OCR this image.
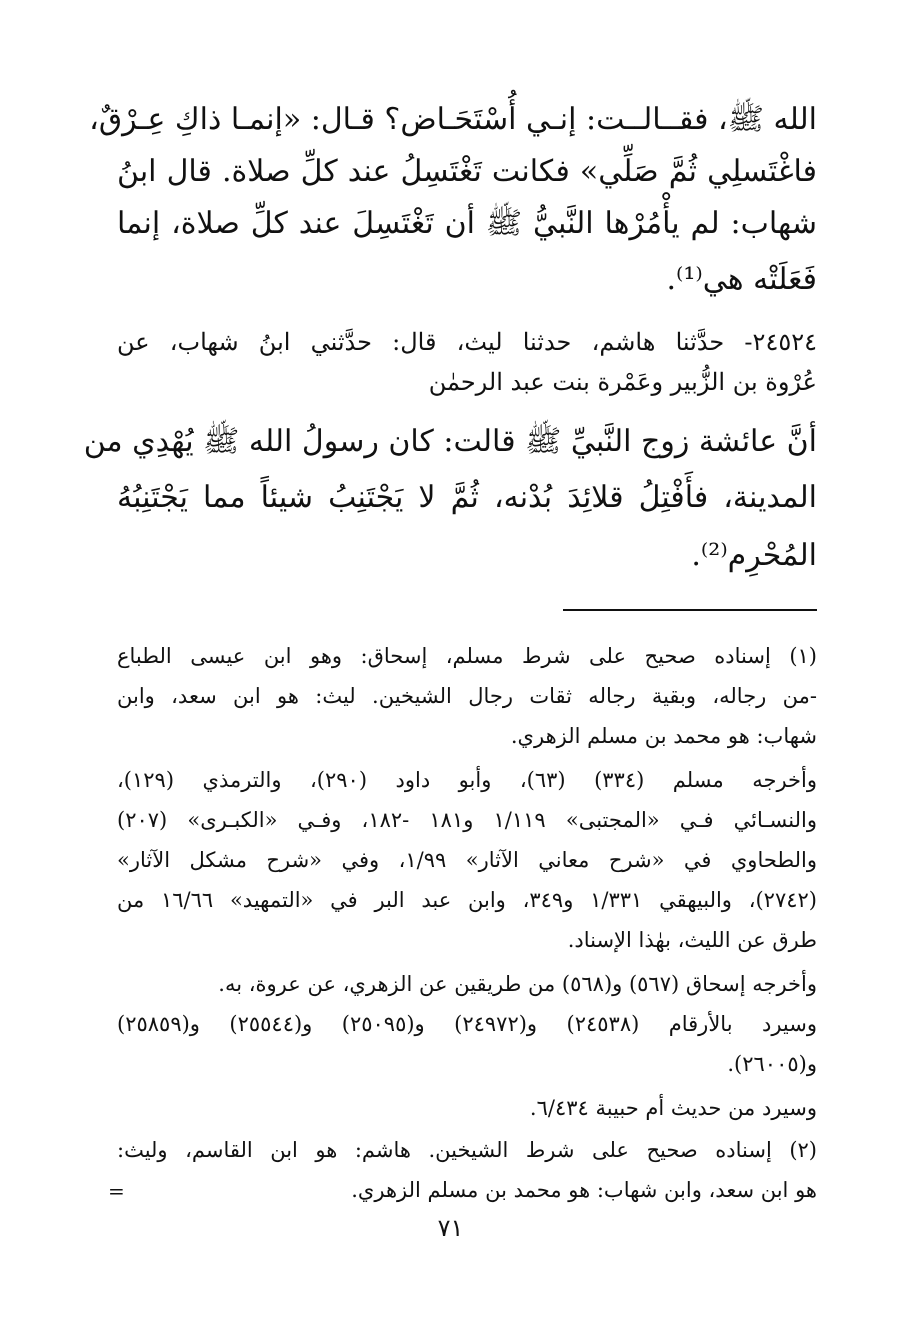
الله ﷺ، فقــالــت: إنـي أُسْتَحَـاض؟ قـال: «إنمـا ذاكِ عِـرْقٌ،
فاغْتَسلِي ثُمَّ صَلِّي» فكانت تَغْتَسِلُ عند كلِّ صلاة. قال ابنُ
شهاب: لم يأْمُرْها النَّبيُّ ﷺ أن تَغْتَسِلَ عند كلِّ صلاة، إنما
فَعَلَتْه هي⁽¹⁾.
٢٤٥٢٤- حدَّثنا هاشم، حدثنا ليث، قال: حدَّثني ابنُ شهاب، عن
عُرْوة بن الزُّبير وعَمْرة بنت عبد الرحمٰن
أنَّ عائشة زوج النَّبيِّ ﷺ قالت: كان رسولُ الله ﷺ يُهْدِي من
المدينة، فأَفْتِلُ قلائِدَ بُدْنه، ثُمَّ لا يَجْتَنِبُ شيئاً مما يَجْتَنِبُهُ
المُحْرِم⁽²⁾.
(١) إسناده صحيح على شرط مسلم، إسحاق: وهو ابن عيسى الطباع
-من رجاله، وبقية رجاله ثقات رجال الشيخين. ليث: هو ابن سعد، وابن
شهاب: هو محمد بن مسلم الزهري.
وأخرجه مسلم (٣٣٤) (٦٣)، وأبو داود (٢٩٠)، والترمذي (١٢٩)،
والنسـائي فـي «المجتبى» ١/١١٩ و١٨١ -١٨٢، وفـي «الكبـرى» (٢٠٧)
والطحاوي في «شرح معاني الآثار» ١/٩٩، وفي «شرح مشكل الآثار»
(٢٧٤٢)، والبيهقي ١/٣٣١ و٣٤٩، وابن عبد البر في «التمهيد» ١٦/٦٦ من
طرق عن الليث، بهٰذا الإسناد.
وأخرجه إسحاق (٥٦٧) و(٥٦٨) من طريقين عن الزهري، عن عروة، به.
وسيرد بالأرقام (٢٤٥٣٨) و(٢٤٩٧٢) و(٢٥٠٩٥) و(٢٥٥٤٤) و(٢٥٨٥٩)
و(٢٦٠٠٥).
وسيرد من حديث أم حبيبة ٦/٤٣٤.
(٢) إسناده صحيح على شرط الشيخين. هاشم: هو ابن القاسم، وليث:
هو ابن سعد، وابن شهاب: هو محمد بن مسلم الزهري.
=
٧١
